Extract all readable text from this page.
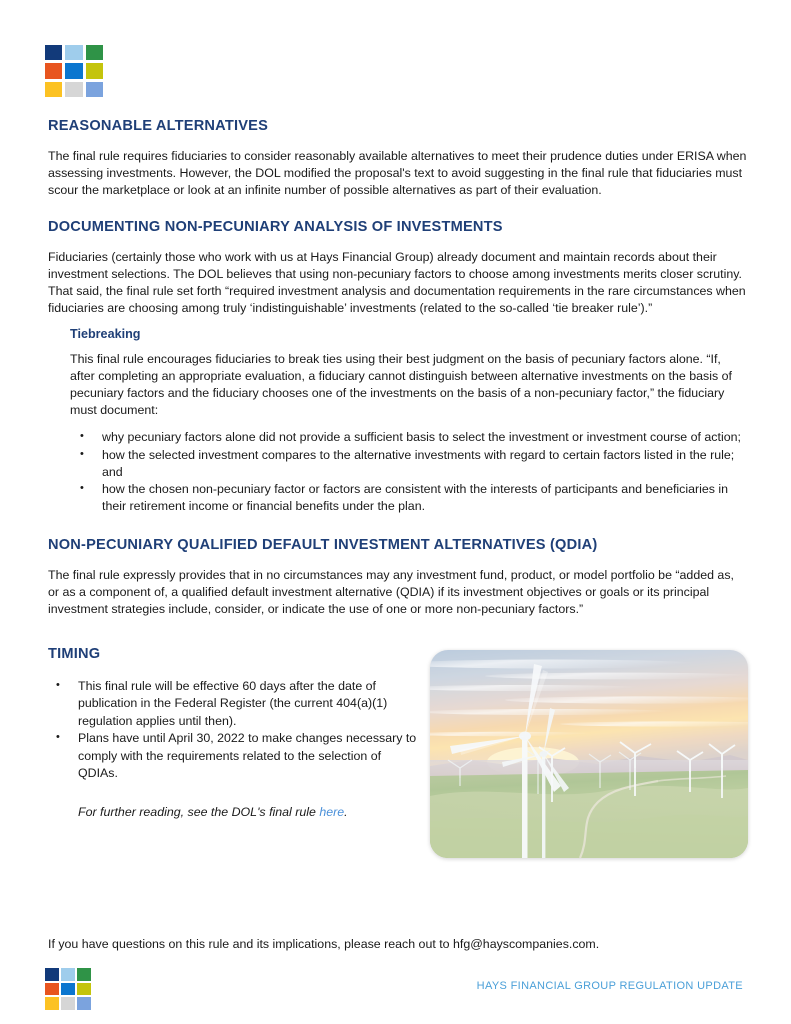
REASONABLE ALTERNATIVES

The final rule requires fiduciaries to consider reasonably available alternatives to meet their prudence duties under ERISA when assessing investments. However, the DOL modified the proposal's text to avoid suggesting in the final rule that fiduciaries must scour the marketplace or look at an infinite number of possible alternatives as part of their evaluation.

DOCUMENTING NON-PECUNIARY ANALYSIS OF INVESTMENTS

Fiduciaries (certainly those who work with us at Hays Financial Group) already document and maintain records about their investment selections. The DOL believes that using non-pecuniary factors to choose among investments merits closer scrutiny. That said, the final rule set forth “required investment analysis and documentation requirements in the rare circumstances when fiduciaries are choosing among truly ‘indistinguishable’ investments (related to the so-called ‘tie breaker rule’).”

Tiebreaking

This final rule encourages fiduciaries to break ties using their best judgment on the basis of pecuniary factors alone. “If, after completing an appropriate evaluation, a fiduciary cannot distinguish between alternative investments on the basis of pecuniary factors and the fiduciary chooses one of the investments on the basis of a non-pecuniary factor,” the fiduciary must document:

• why pecuniary factors alone did not provide a sufficient basis to select the investment or investment course of action;
• how the selected investment compares to the alternative investments with regard to certain factors listed in the rule; and
• how the chosen non-pecuniary factor or factors are consistent with the interests of participants and beneficiaries in their retirement income or financial benefits under the plan.
NON-PECUNIARY QUALIFIED DEFAULT INVESTMENT ALTERNATIVES (QDIA)

The final rule expressly provides that in no circumstances may any investment fund, product, or model portfolio be “added as, or as a component of, a qualified default investment alternative (QDIA) if its investment objectives or goals or its principal investment strategies include, consider, or indicate the use of one or more non-pecuniary factors.”

TIMING
• This final rule will be effective 60 days after the date of publication in the Federal Register (the current 404(a)(1) regulation applies until then).
• Plans have until April 30, 2022 to make changes necessary to comply with the requirements related to the selection of QDIAs.

For further reading, see the DOL's final rule here.

If you have questions on this rule and its implications, please reach out to hfg@hayscompanies.com.
HAYS FINANCIAL GROUP REGULATION UPDATE
